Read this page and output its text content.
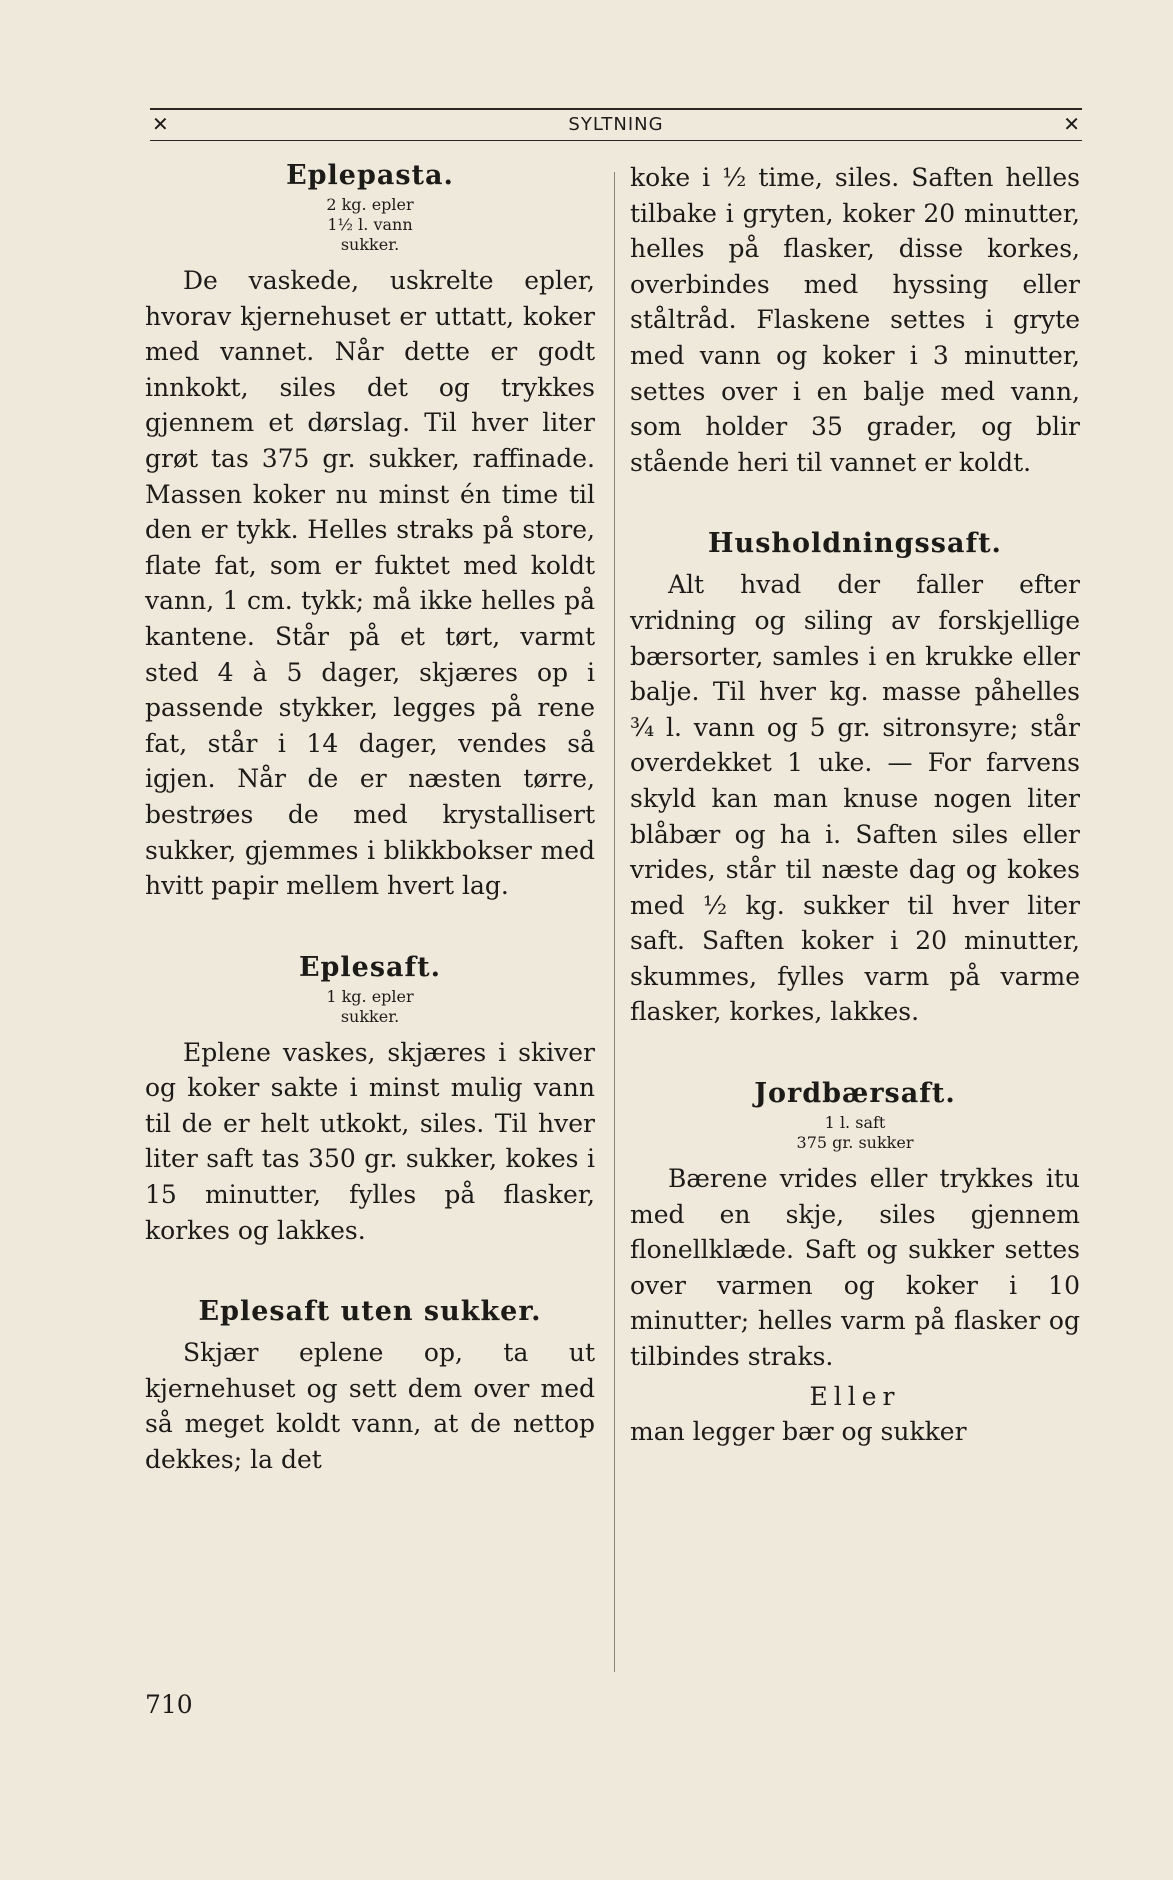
✕	SYLTNING	✕
Eplepasta.
2 kg. epler
1½ l. vann
sukker.

De vaskede, uskrelte epler, hvorav kjernehuset er uttatt, koker med vannet. Når dette er godt innkokt, siles det og trykkes gjennem et dørslag. Til hver liter grøt tas 375 gr. sukker, raffinade. Massen koker nu minst én time til den er tykk. Helles straks på store, flate fat, som er fuktet med koldt vann, 1 cm. tykk; må ikke helles på kantene. Står på et tørt, varmt sted 4 à 5 dager, skjæres op i passende stykker, legges på rene fat, står i 14 dager, vendes så igjen. Når de er næsten tørre, bestrøes de med krystallisert sukker, gjemmes i blikkbokser med hvitt papir mellem hvert lag.

Eplesaft.
1 kg. epler
sukker.

Eplene vaskes, skjæres i skiver og koker sakte i minst mulig vann til de er helt utkokt, siles. Til hver liter saft tas 350 gr. sukker, kokes i 15 minutter, fylles på flasker, korkes og lakkes.

Eplesaft uten sukker.

Skjær eplene op, ta ut kjernehuset og sett dem over med så meget koldt vann, at de nettop dekkes; la det

koke i ½ time, siles. Saften helles tilbake i gryten, koker 20 minutter, helles på flasker, disse korkes, overbindes med hyssing eller ståltråd. Flaskene settes i gryte med vann og koker i 3 minutter, settes over i en balje med vann, som holder 35 grader, og blir stående heri til vannet er koldt.

Husholdningssaft.

Alt hvad der faller efter vridning og siling av forskjellige bærsorter, samles i en krukke eller balje. Til hver kg. masse påhelles ¾ l. vann og 5 gr. sitronsyre; står overdekket 1 uke. — For farvens skyld kan man knuse nogen liter blåbær og ha i. Saften siles eller vrides, står til næste dag og kokes med ½ kg. sukker til hver liter saft. Saften koker i 20 minutter, skummes, fylles varm på varme flasker, korkes, lakkes.

Jordbærsaft.
1 l. saft
375 gr. sukker

Bærene vrides eller trykkes itu med en skje, siles gjennem flonellklæde. Saft og sukker settes over varmen og koker i 10 minutter; helles varm på flasker og tilbindes straks.

Eller

man legger bær og sukker

710
